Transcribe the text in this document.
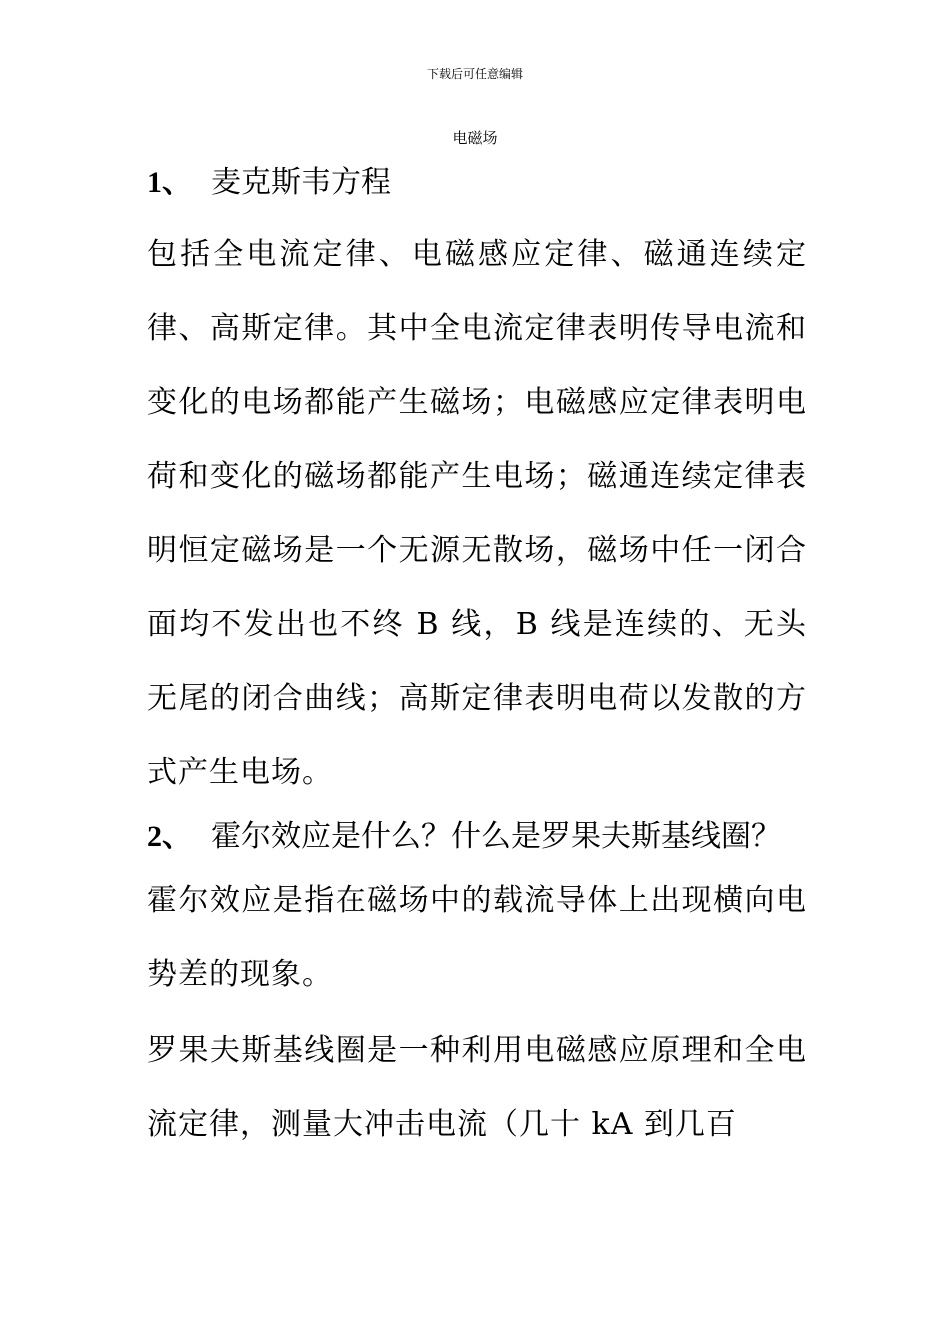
下载后可任意编辑
电磁场
1、 麦克斯韦方程

包括全电流定律、电磁感应定律、磁通连续定律、高斯定律。其中全电流定律表明传导电流和变化的电场都能产生磁场；电磁感应定律表明电荷和变化的磁场都能产生电场；磁通连续定律表明恒定磁场是一个无源无散场，磁场中任一闭合面均不发出也不终 B 线，B 线是连续的、无头无尾的闭合曲线；高斯定律表明电荷以发散的方式产生电场。

2、 霍尔效应是什么？什么是罗果夫斯基线圈？

霍尔效应是指在磁场中的载流导体上出现横向电势差的现象。

罗果夫斯基线圈是一种利用电磁感应原理和全电流定律，测量大冲击电流（几十 kA 到几百
